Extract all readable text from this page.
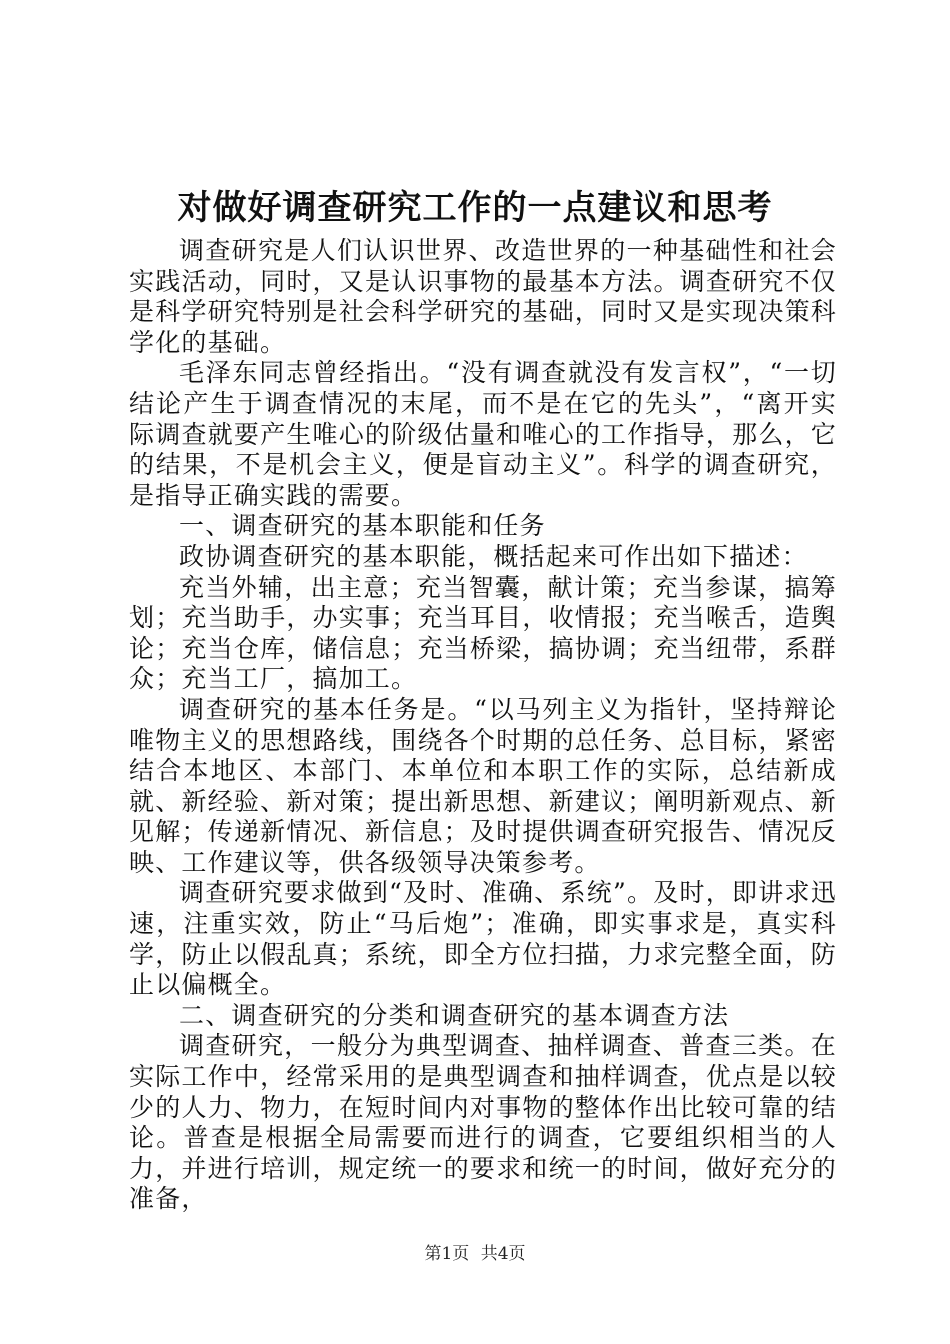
对做好调查研究工作的一点建议和思考

调查研究是人们认识世界、改造世界的一种基础性和社会实践活动，同时，又是认识事物的最基本方法。调查研究不仅是科学研究特别是社会科学研究的基础，同时又是实现决策科学化的基础。

毛泽东同志曾经指出。“没有调查就没有发言权”，“一切结论产生于调查情况的末尾，而不是在它的先头”，“离开实际调查就要产生唯心的阶级估量和唯心的工作指导，那么，它的结果，不是机会主义，便是盲动主义”。科学的调查研究，是指导正确实践的需要。

一、调查研究的基本职能和任务

政协调查研究的基本职能，概括起来可作出如下描述：

充当外辅，出主意；充当智囊，献计策；充当参谋，搞筹划；充当助手，办实事；充当耳目，收情报；充当喉舌，造舆论；充当仓库，储信息；充当桥梁，搞协调；充当纽带，系群众；充当工厂，搞加工。

调查研究的基本任务是。“以马列主义为指针，坚持辩论唯物主义的思想路线，围绕各个时期的总任务、总目标，紧密结合本地区、本部门、本单位和本职工作的实际，总结新成就、新经验、新对策；提出新思想、新建议；阐明新观点、新见解；传递新情况、新信息；及时提供调查研究报告、情况反映、工作建议等，供各级领导决策参考。

调查研究要求做到“及时、准确、系统”。及时，即讲求迅速，注重实效，防止“马后炮”；准确，即实事求是，真实科学，防止以假乱真；系统，即全方位扫描，力求完整全面，防止以偏概全。

二、调查研究的分类和调查研究的基本调查方法

调查研究，一般分为典型调查、抽样调查、普查三类。在实际工作中，经常采用的是典型调查和抽样调查，优点是以较少的人力、物力，在短时间内对事物的整体作出比较可靠的结论。普查是根据全局需要而进行的调查，它要组织相当的人力，并进行培训，规定统一的要求和统一的时间，做好充分的准备，

第1页 共4页
